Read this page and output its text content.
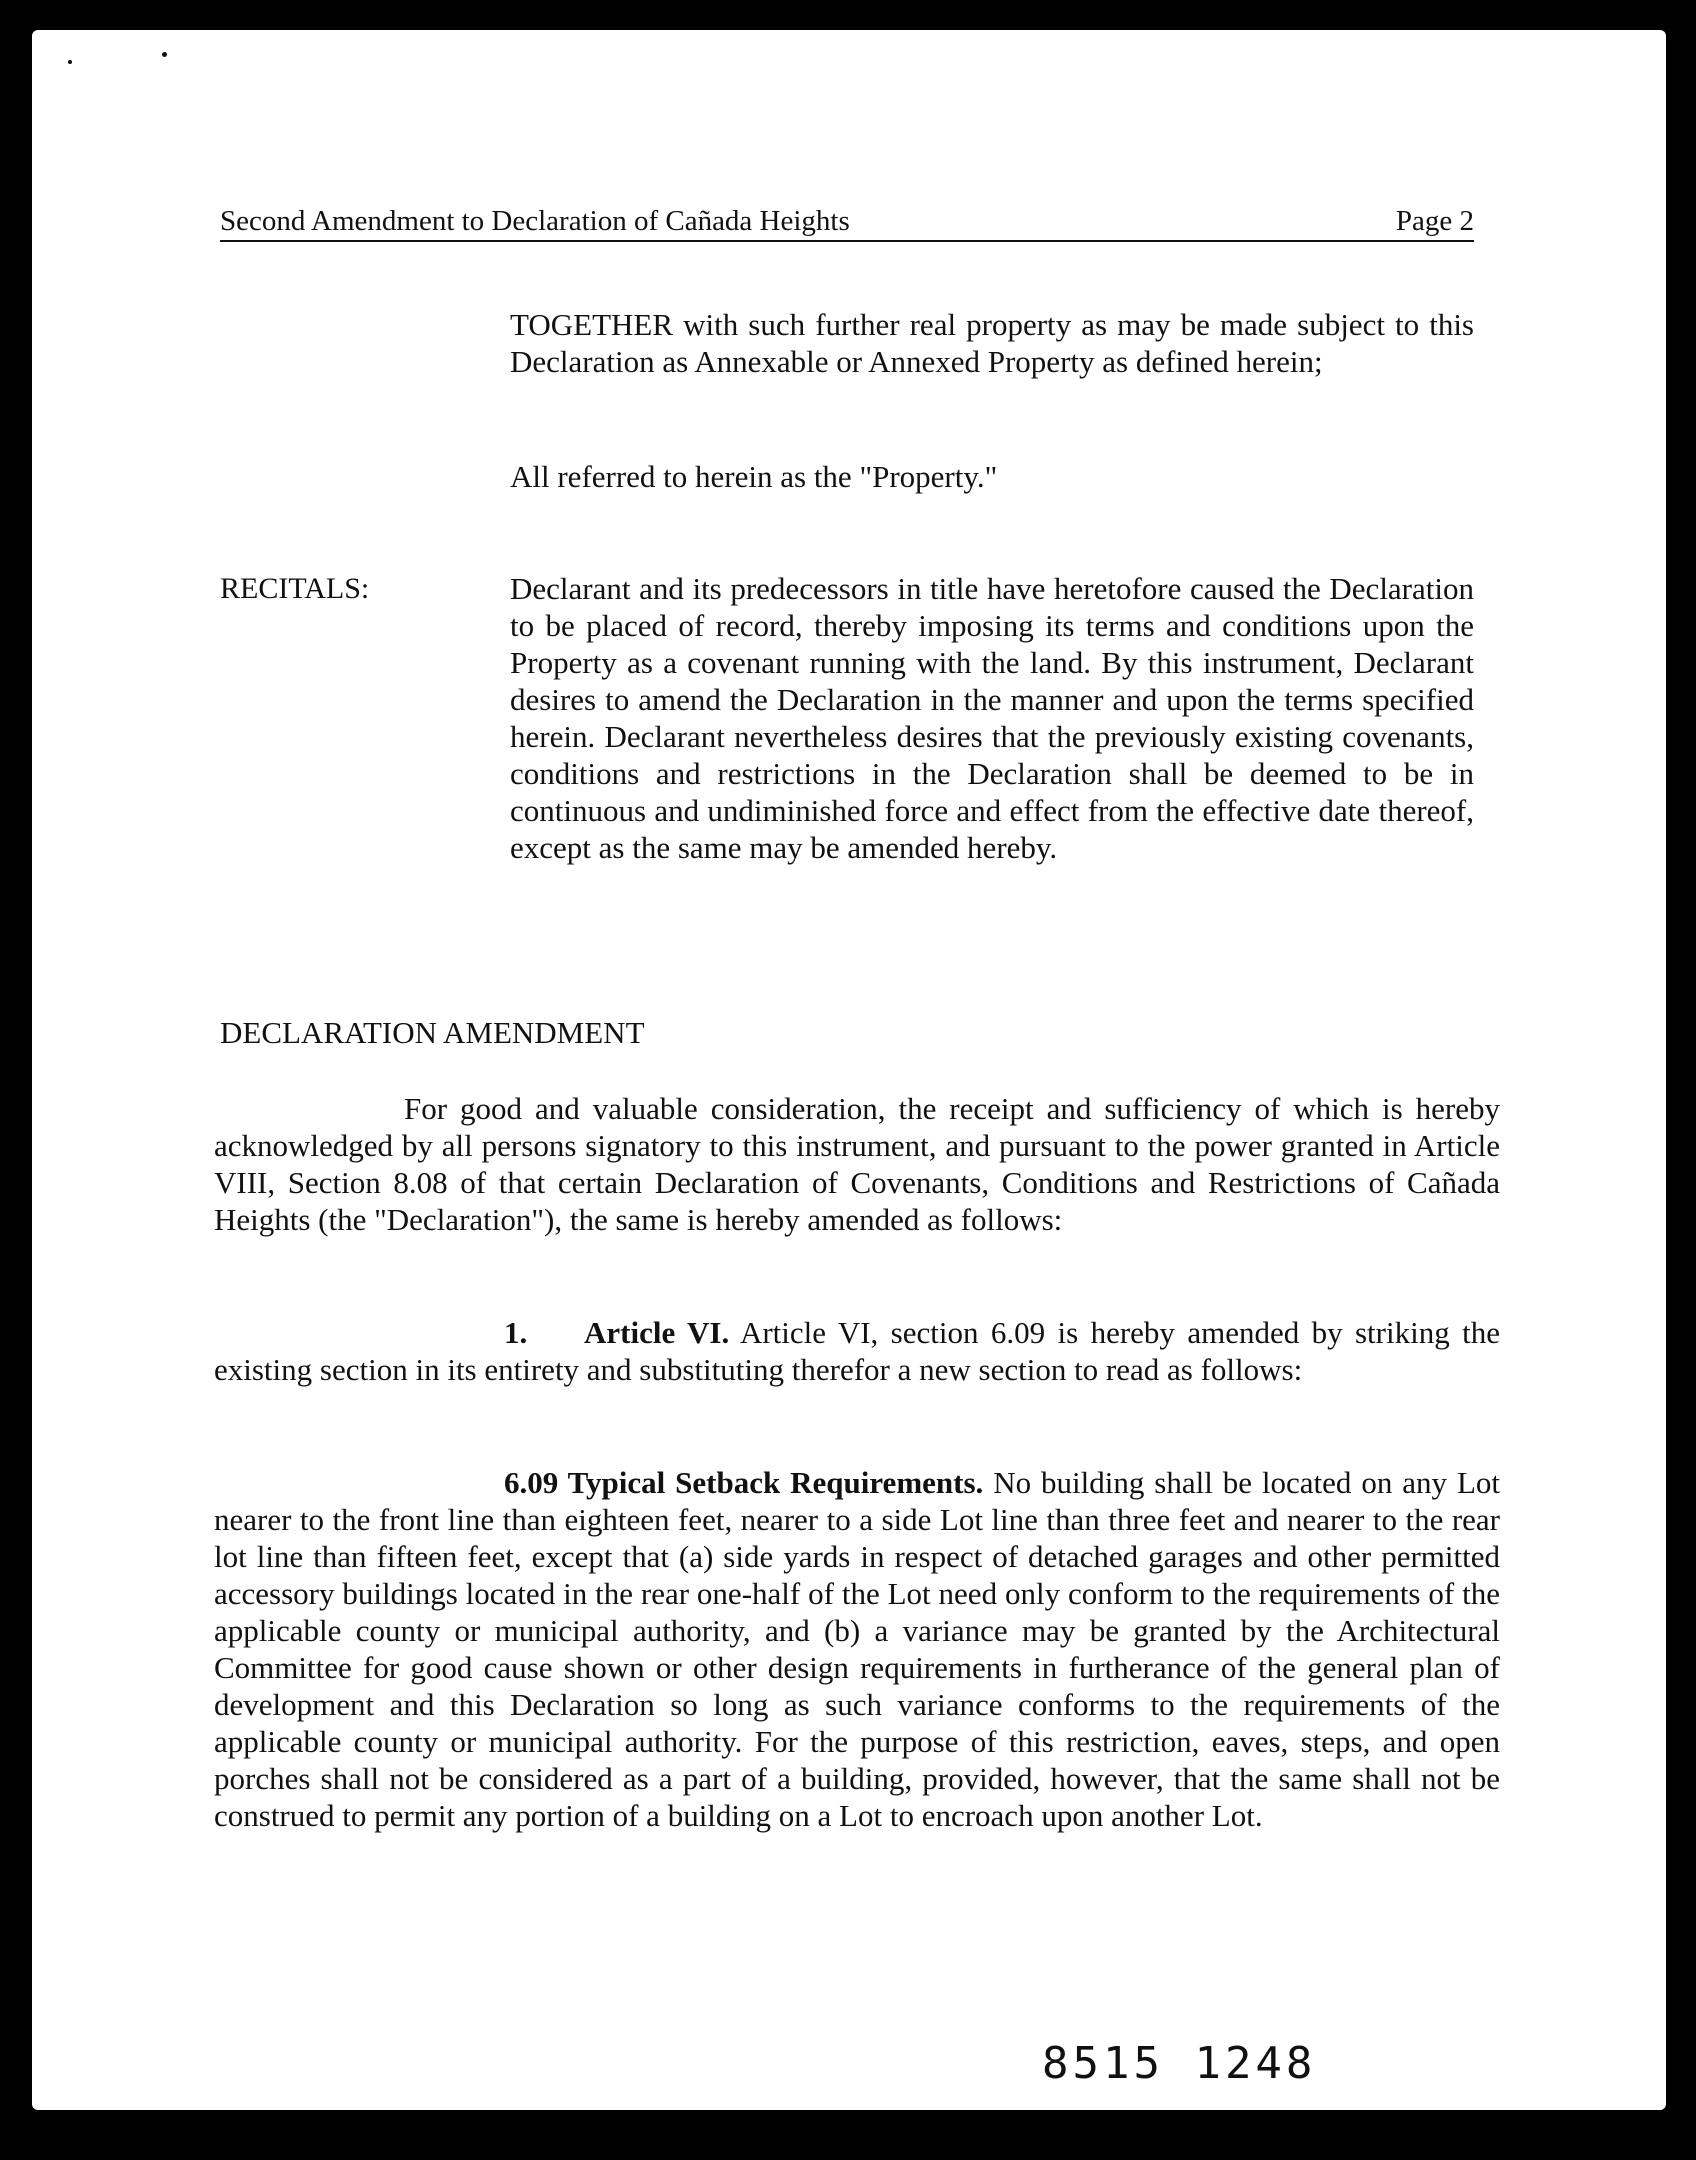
Second Amendment to Declaration of Cañada Heights	Page 2

TOGETHER with such further real property as may be made subject to this Declaration as Annexable or Annexed Property as defined herein;

All referred to herein as the "Property."

RECITALS:	Declarant and its predecessors in title have heretofore caused the Declaration to be placed of record, thereby imposing its terms and conditions upon the Property as a covenant running with the land. By this instrument, Declarant desires to amend the Declaration in the manner and upon the terms specified herein. Declarant nevertheless desires that the previously existing covenants, conditions and restrictions in the Declaration shall be deemed to be in continuous and undiminished force and effect from the effective date thereof, except as the same may be amended hereby.

DECLARATION AMENDMENT

For good and valuable consideration, the receipt and sufficiency of which is hereby acknowledged by all persons signatory to this instrument, and pursuant to the power granted in Article VIII, Section 8.08 of that certain Declaration of Covenants, Conditions and Restrictions of Cañada Heights (the "Declaration"), the same is hereby amended as follows:

1. Article VI. Article VI, section 6.09 is hereby amended by striking the existing section in its entirety and substituting therefor a new section to read as follows:

6.09 Typical Setback Requirements. No building shall be located on any Lot nearer to the front line than eighteen feet, nearer to a side Lot line than three feet and nearer to the rear lot line than fifteen feet, except that (a) side yards in respect of detached garages and other permitted accessory buildings located in the rear one-half of the Lot need only conform to the requirements of the applicable county or municipal authority, and (b) a variance may be granted by the Architectural Committee for good cause shown or other design requirements in furtherance of the general plan of development and this Declaration so long as such variance conforms to the requirements of the applicable county or municipal authority. For the purpose of this restriction, eaves, steps, and open porches shall not be considered as a part of a building, provided, however, that the same shall not be construed to permit any portion of a building on a Lot to encroach upon another Lot.

8515 1248
